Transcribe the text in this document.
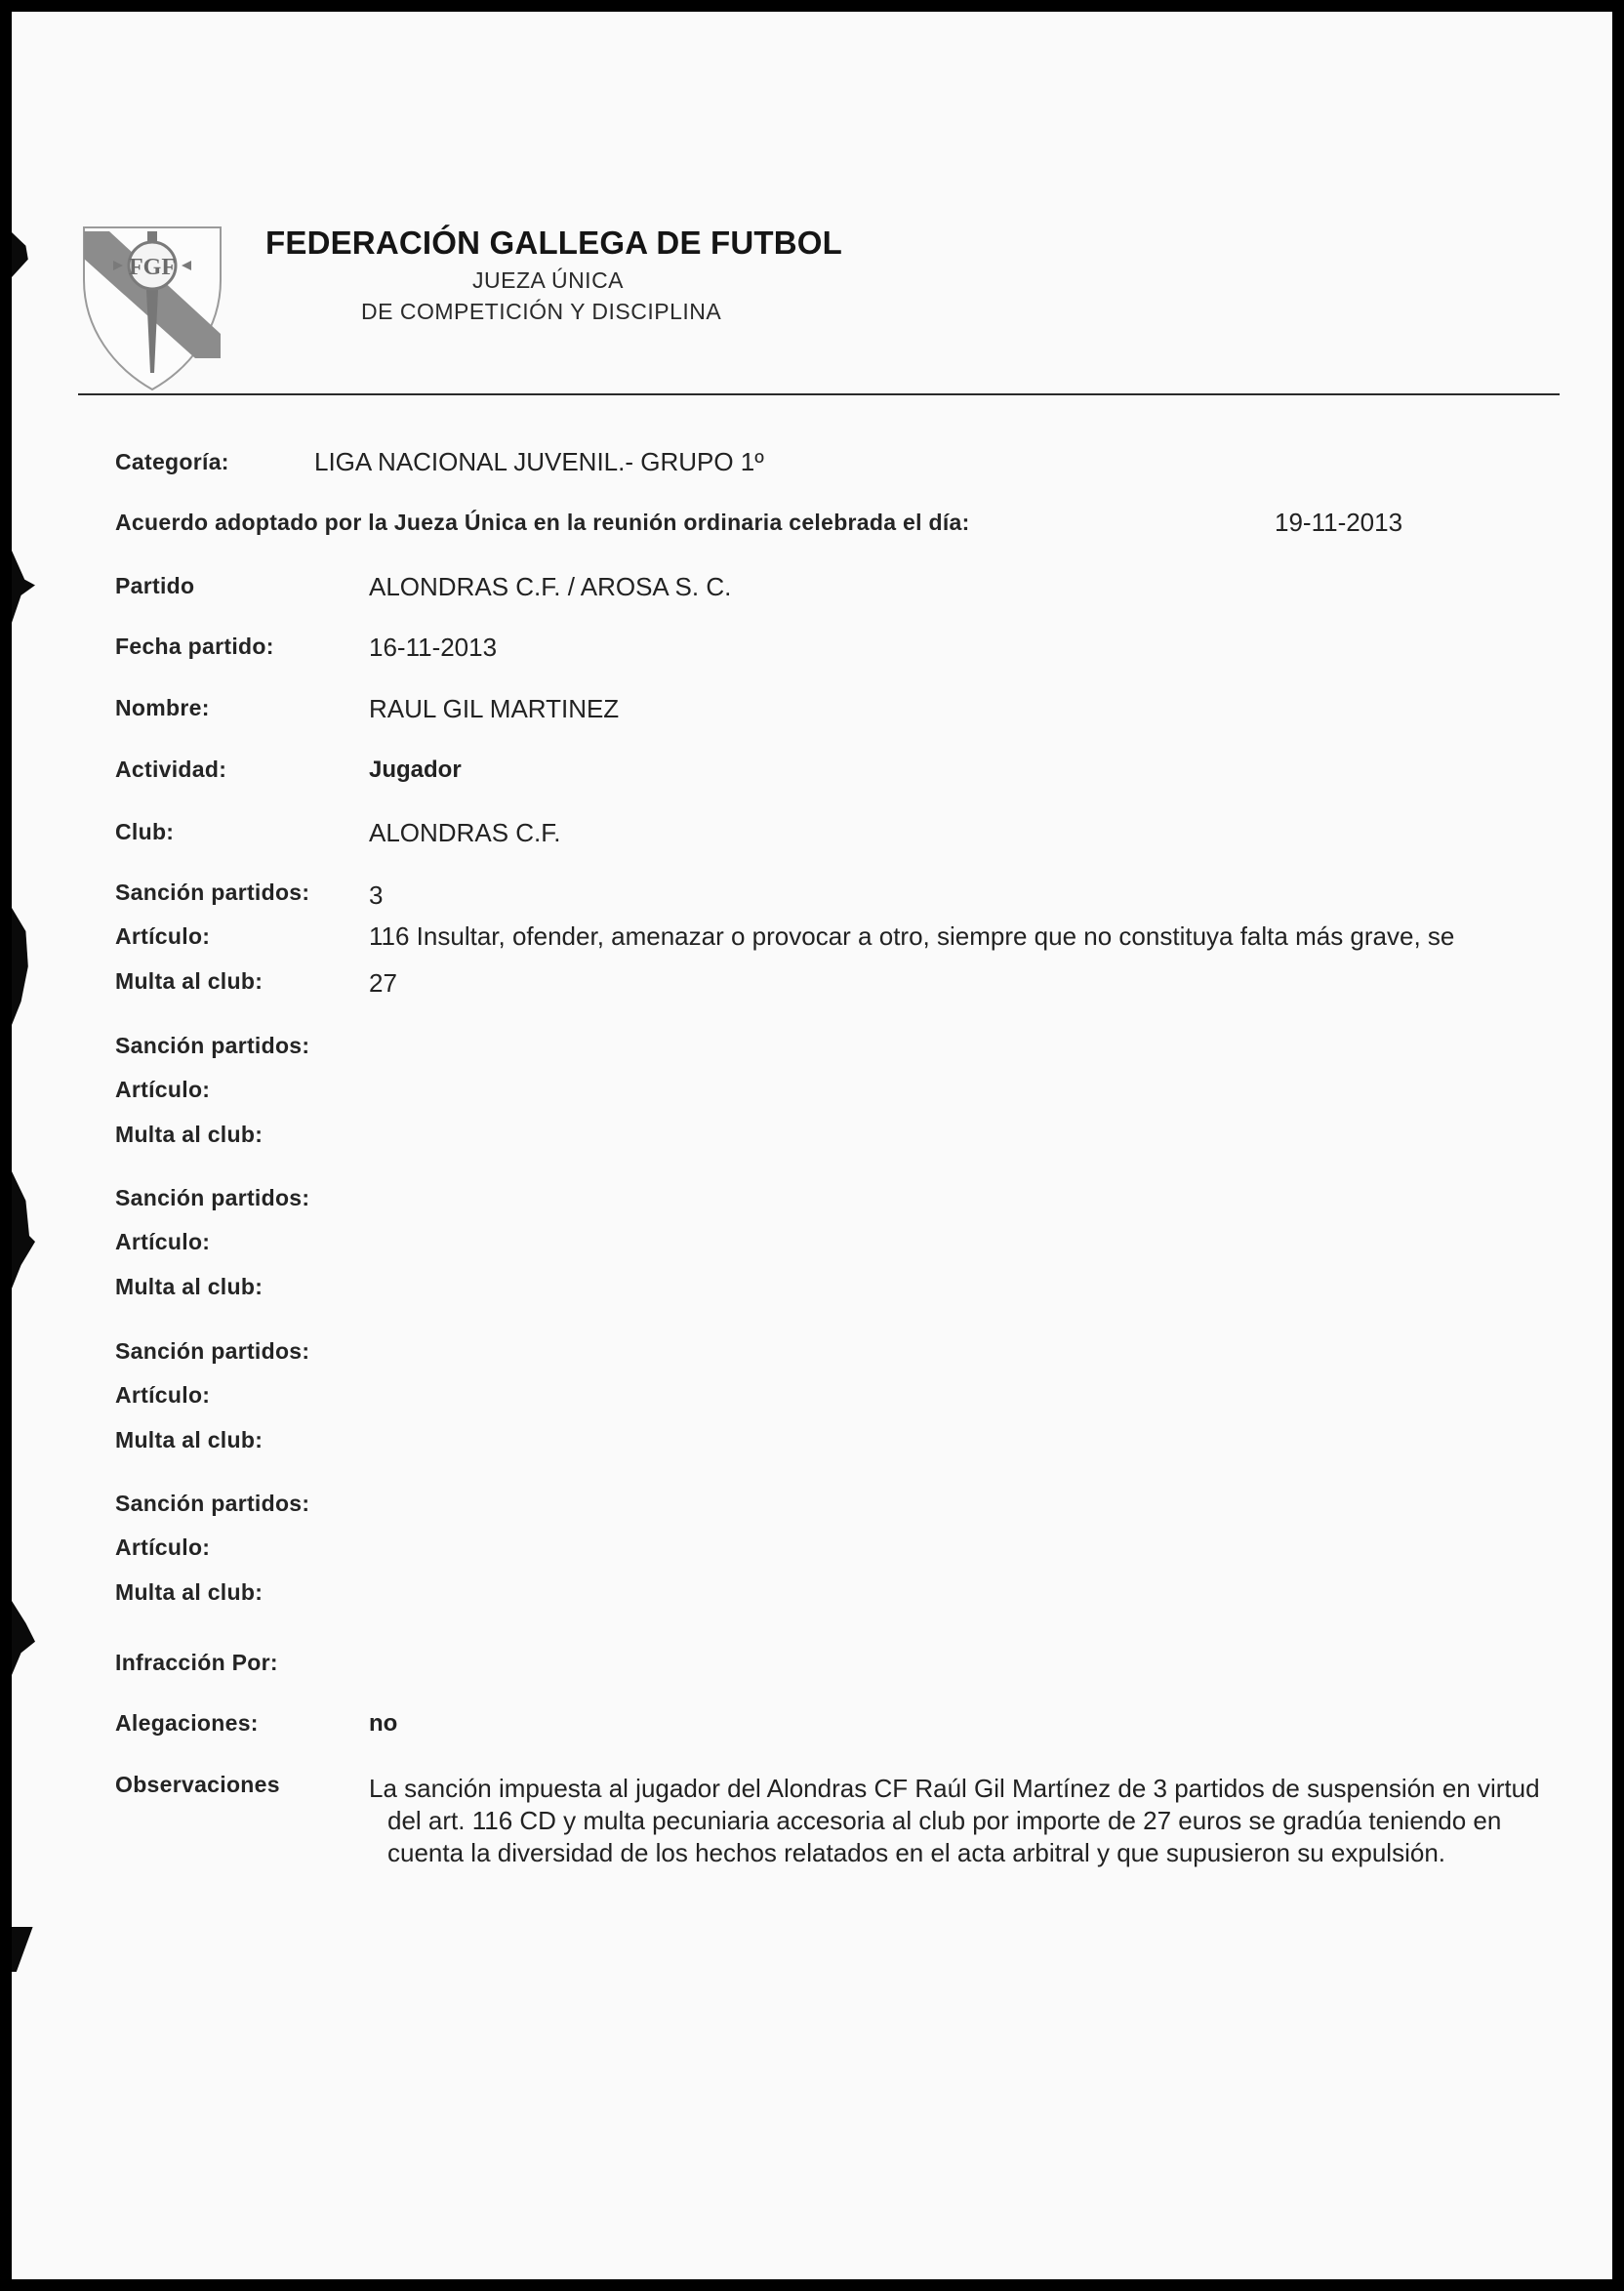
FGF
FEDERACIÓN GALLEGA DE FUTBOL
JUEZA ÚNICA
DE COMPETICIÓN Y DISCIPLINA
Categoría:	LIGA NACIONAL JUVENIL.- GRUPO 1º
Acuerdo adoptado por la Jueza Única en la reunión ordinaria celebrada el día:	19-11-2013
Partido	ALONDRAS C.F. / AROSA S. C.
Fecha partido:	16-11-2013
Nombre:	RAUL GIL MARTINEZ
Actividad:	Jugador
Club:	ALONDRAS C.F.
Sanción partidos: 3
Artículo:	116 Insultar, ofender, amenazar o provocar a otro, siempre que no constituya falta más grave, se
Multa al club:	27
Sanción partidos:
Artículo:
Multa al club:
Sanción partidos:
Artículo:
Multa al club:
Sanción partidos:
Artículo:
Multa al club:
Sanción partidos:
Artículo:
Multa al club:
Infracción Por:
Alegaciones:	no
Observaciones	La sanción impuesta al jugador del Alondras CF Raúl Gil Martínez de 3 partidos de suspensión en virtud del art. 116 CD y multa pecuniaria accesoria al club por importe de 27 euros se gradúa teniendo en cuenta la diversidad de los hechos relatados en el acta arbitral y que supusieron su expulsión.
